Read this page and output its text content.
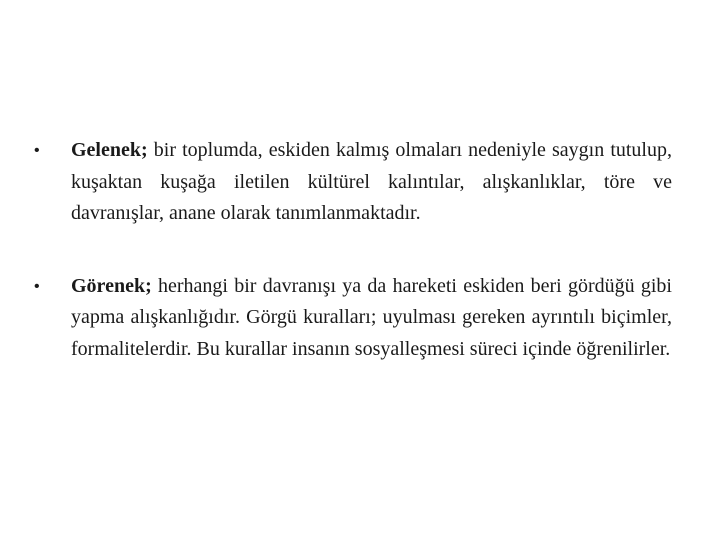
• Gelenek; bir toplumda, eskiden kalmış olmaları nedeniyle saygın tutulup, kuşaktan kuşağa iletilen kültürel kalıntılar, alışkanlıklar, töre ve davranışlar, anane olarak tanımlanmaktadır.
• Görenek; herhangi bir davranışı ya da hareketi eskiden beri gördüğü gibi yapma alışkanlığıdır. Görgü kuralları; uyulması gereken ayrıntılı biçimler, formalitelerdir. Bu kurallar insanın sosyalleşmesi süreci içinde öğrenilirler.
